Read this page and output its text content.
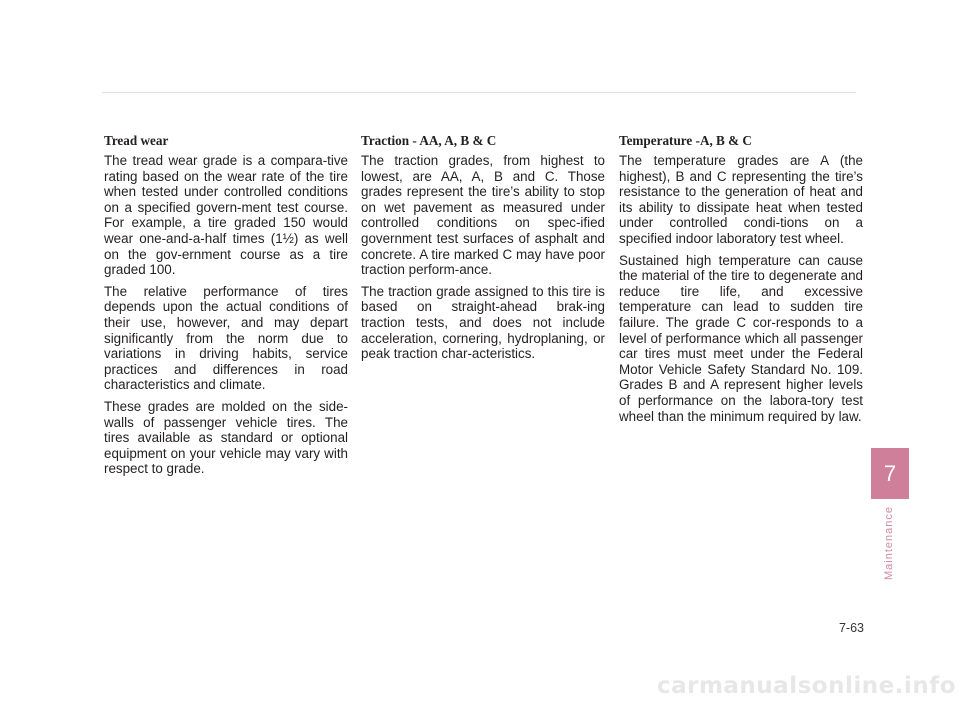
Tread wear

The tread wear grade is a compara-tive rating based on the wear rate of the tire when tested under controlled conditions on a specified govern-ment test course. For example, a tire graded 150 would wear one-and-a-half times (1½) as well on the gov-ernment course as a tire graded 100.

The relative performance of tires depends upon the actual conditions of their use, however, and may depart significantly from the norm due to variations in driving habits, service practices and differences in road characteristics and climate.

These grades are molded on the side-walls of passenger vehicle tires. The tires available as standard or optional equipment on your vehicle may vary with respect to grade.

Traction - AA, A, B & C

The traction grades, from highest to lowest, are AA, A, B and C. Those grades represent the tire’s ability to stop on wet pavement as measured under controlled conditions on spec-ified government test surfaces of asphalt and concrete. A tire marked C may have poor traction perform-ance.

The traction grade assigned to this tire is based on straight-ahead brak-ing traction tests, and does not include acceleration, cornering, hydroplaning, or peak traction char-acteristics.

Temperature -A, B & C

The temperature grades are A (the highest), B and C representing the tire’s resistance to the generation of heat and its ability to dissipate heat when tested under controlled condi-tions on a specified indoor laboratory test wheel.

Sustained high temperature can cause the material of the tire to degenerate and reduce tire life, and excessive temperature can lead to sudden tire failure. The grade C cor-responds to a level of performance which all passenger car tires must meet under the Federal Motor Vehicle Safety Standard No. 109. Grades B and A represent higher levels of performance on the labora-tory test wheel than the minimum required by law.

7
Maintenance
7-63
carmanualsonline.info
